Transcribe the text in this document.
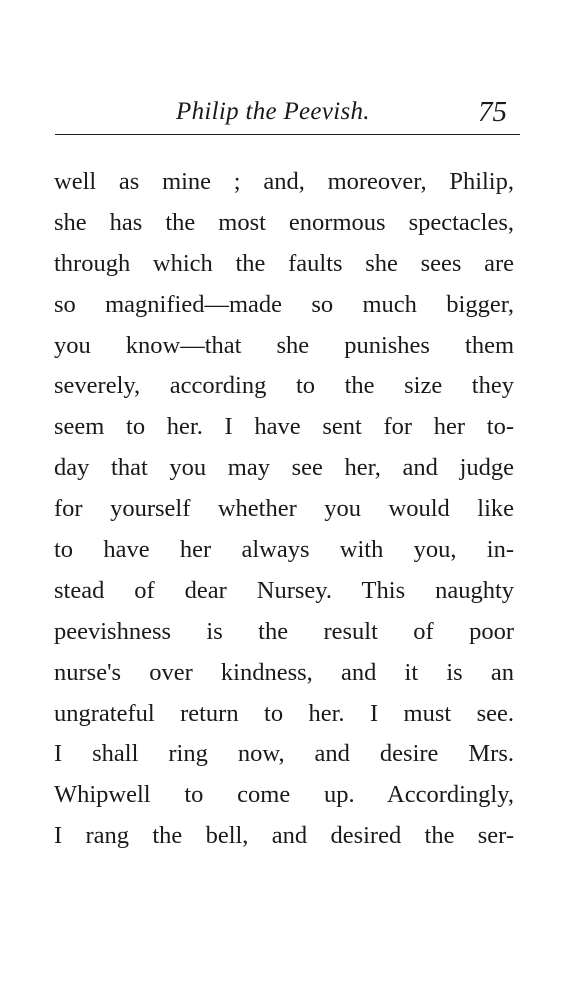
Philip the Peevish.	75
well as mine ; and, moreover, Philip,
she has the most enormous spectacles,
through which the faults she sees are
so magnified—made so much bigger,
you know—that she punishes them
severely, according to the size they
seem to her. I have sent for her to-
day that you may see her, and judge
for yourself whether you would like
to have her always with you, in-
stead of dear Nursey. This naughty
peevishness is the result of poor
nurse's over kindness, and it is an
ungrateful return to her. I must see.
I shall ring now, and desire Mrs.
Whipwell to come up. Accordingly,
I rang the bell, and desired the ser-
